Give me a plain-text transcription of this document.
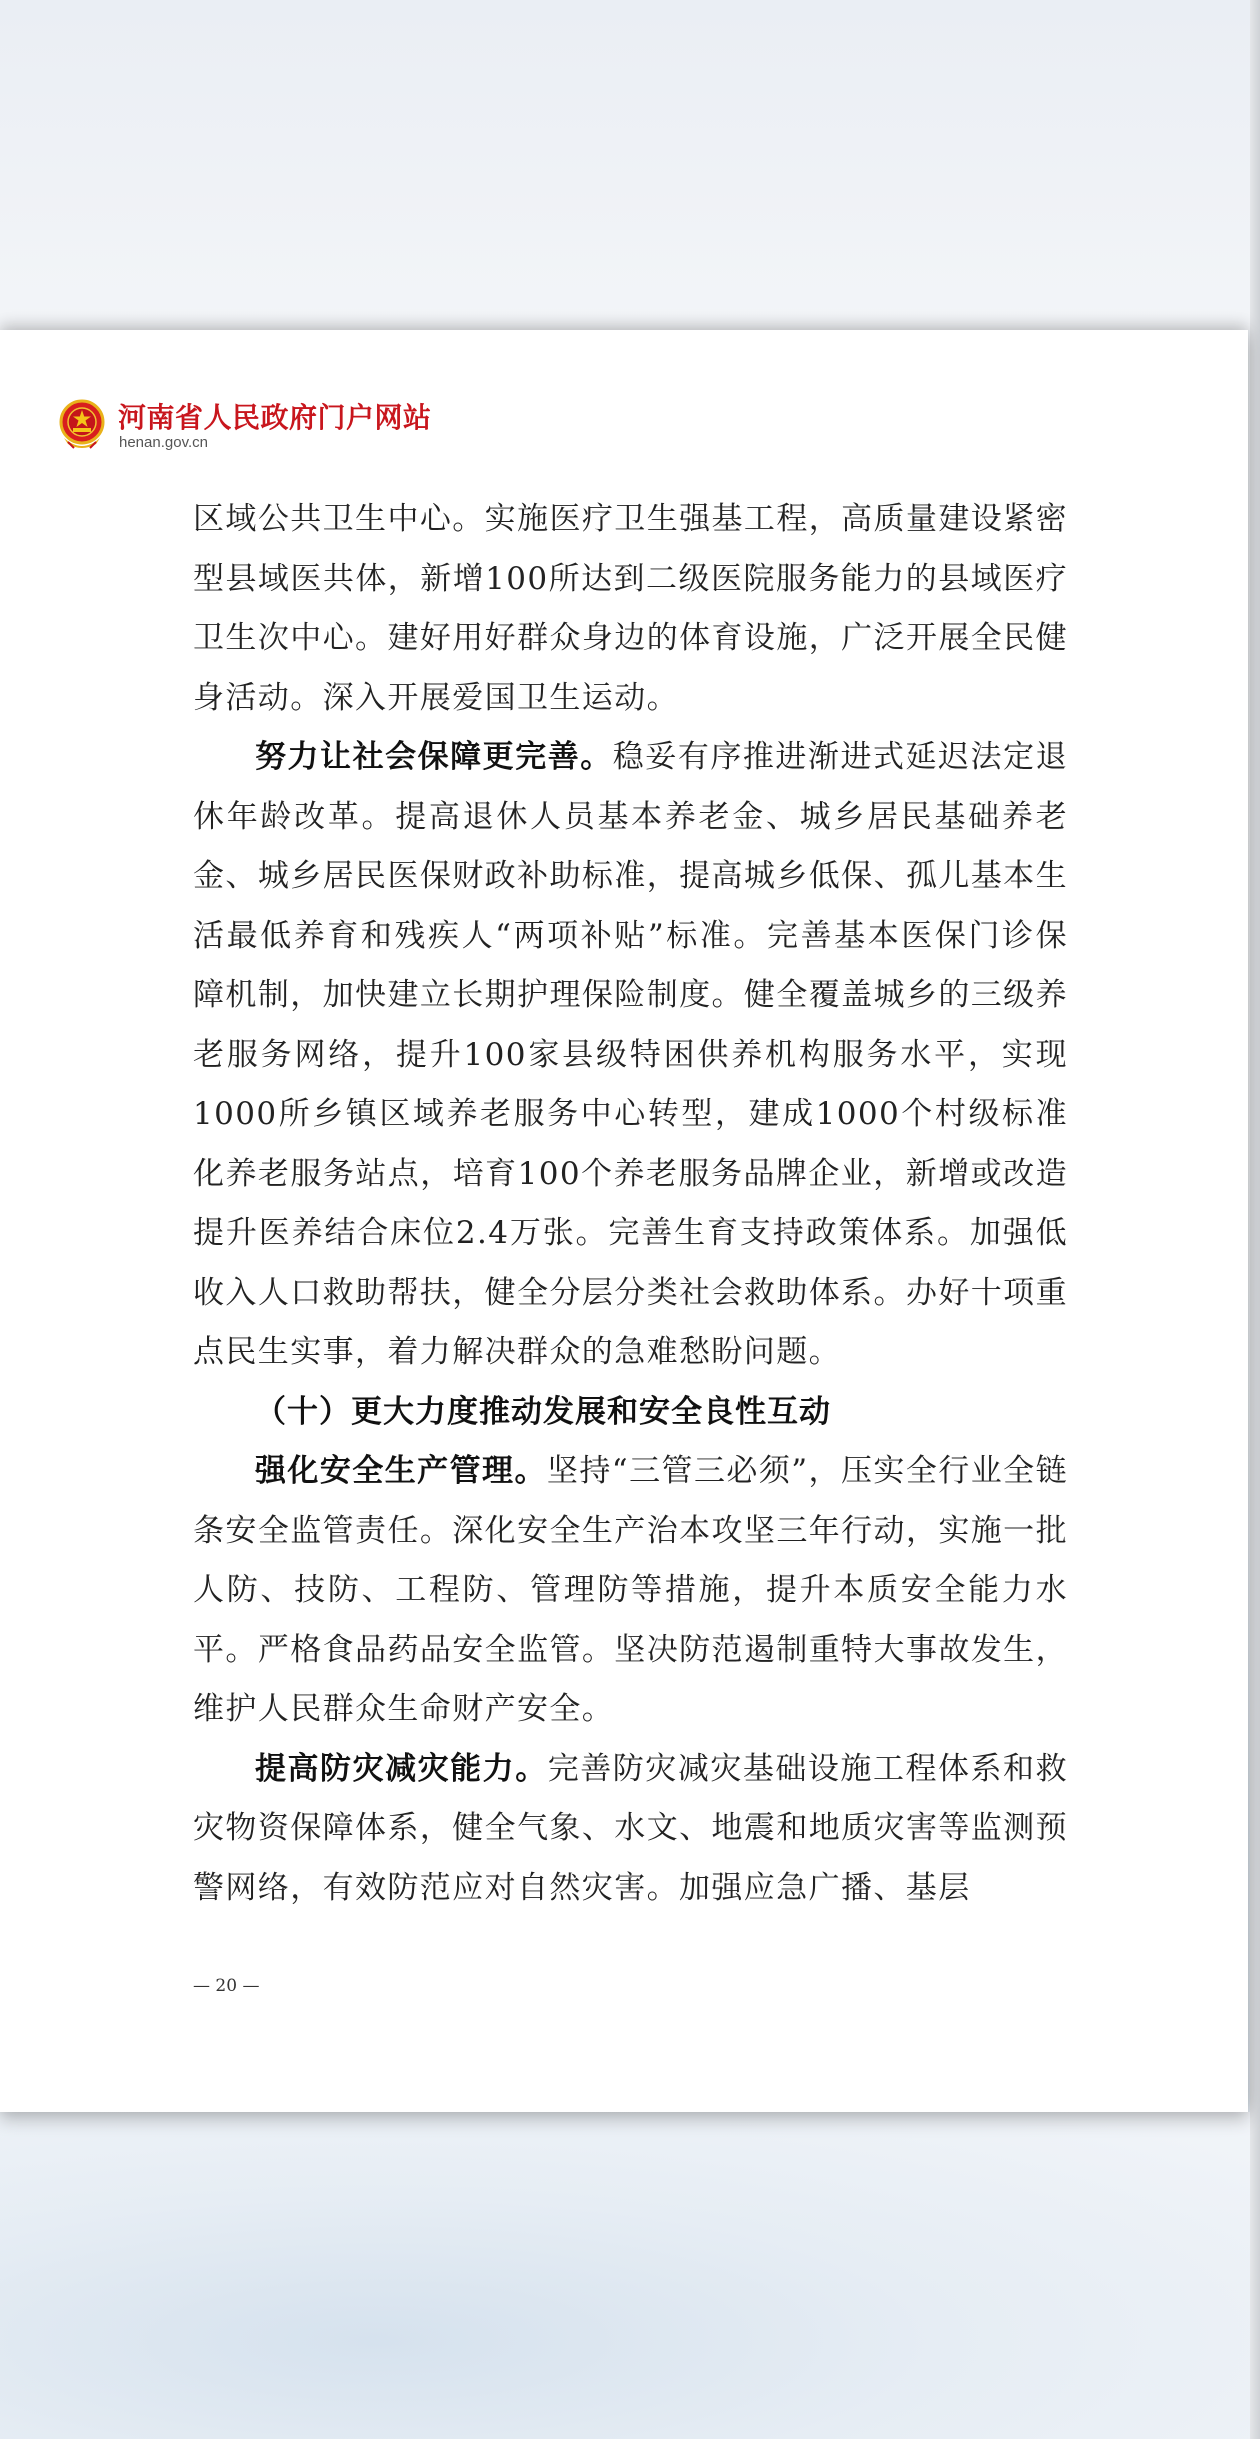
河南省人民政府门户网站
henan.gov.cn

区域公共卫生中心。实施医疗卫生强基工程，高质量建设紧密型县域医共体，新增100所达到二级医院服务能力的县域医疗卫生次中心。建好用好群众身边的体育设施，广泛开展全民健身活动。深入开展爱国卫生运动。

努力让社会保障更完善。稳妥有序推进渐进式延迟法定退休年龄改革。提高退休人员基本养老金、城乡居民基础养老金、城乡居民医保财政补助标准，提高城乡低保、孤儿基本生活最低养育和残疾人“两项补贴”标准。完善基本医保门诊保障机制，加快建立长期护理保险制度。健全覆盖城乡的三级养老服务网络，提升100家县级特困供养机构服务水平，实现1000所乡镇区域养老服务中心转型，建成1000个村级标准化养老服务站点，培育100个养老服务品牌企业，新增或改造提升医养结合床位2.4万张。完善生育支持政策体系。加强低收入人口救助帮扶，健全分层分类社会救助体系。办好十项重点民生实事，着力解决群众的急难愁盼问题。

（十）更大力度推动发展和安全良性互动

强化安全生产管理。坚持“三管三必须”，压实全行业全链条安全监管责任。深化安全生产治本攻坚三年行动，实施一批人防、技防、工程防、管理防等措施，提升本质安全能力水平。严格食品药品安全监管。坚决防范遏制重特大事故发生，维护人民群众生命财产安全。

提高防灾减灾能力。完善防灾减灾基础设施工程体系和救灾物资保障体系，健全气象、水文、地震和地质灾害等监测预警网络，有效防范应对自然灾害。加强应急广播、基层

— 20 —
